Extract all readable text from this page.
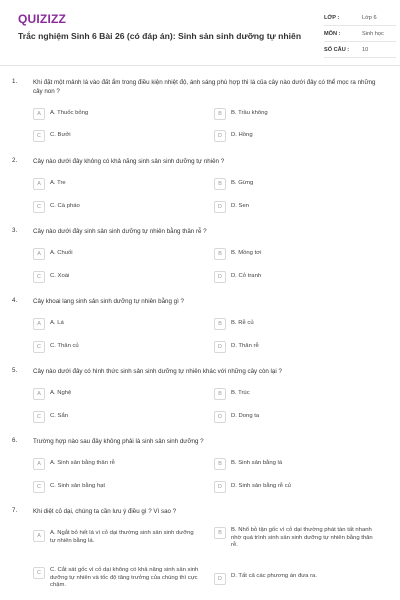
QUIZIZZ
Trắc nghiệm Sinh 6 Bài 26 (có đáp án): Sinh sản sinh dưỡng tự nhiên
LỚP :	Lớp 6
MÔN :	Sinh học
SỐ CÂU : 10
1.	Khi đặt một mảnh lá vào đất ẩm trong điều kiện nhiệt độ, ánh sáng phù hợp thì lá của cây nào dưới đây có thể mọc ra những cây non ?
A	A. Thuốc bỏng	B	B. Trầu không
C	C. Bưởi	D	D. Hồng
2.	Cây nào dưới đây không có khả năng sinh sản sinh dưỡng tự nhiên ?
A	A. Tre	B	B. Gừng
C	C. Cà pháo	D	D. Sen
3.	Cây nào dưới đây sinh sản sinh dưỡng tự nhiên bằng thân rễ ?
A	A. Chuối	B	B. Mồng tơi
C	C. Xoài	D	D. Cỏ tranh
4.	Cây khoai lang sinh sản sinh dưỡng tự nhiên bằng gì ?
A	A. Lá	B	B. Rễ củ
C	C. Thân củ	D	D. Thân rễ
5.	Cây nào dưới đây có hình thức sinh sản sinh dưỡng tự nhiên khác với những cây còn lại ?
A	A. Nghệ	B	B. Trúc
C	C. Sắn	D	D. Dong ta
6.	Trường hợp nào sau đây không phải là sinh sản sinh dưỡng ?
A	A. Sinh sản bằng thân rễ	B	B. Sinh sản bằng lá
C	C. Sinh sản bằng hạt	D	D. Sinh sản bằng rễ củ
7.	Khi diệt cỏ dại, chúng ta cần lưu ý điều gì ? Vì sao ?
A	A. Ngắt bỏ hết lá vì cỏ dại thường sinh sản sinh dưỡng tự nhiên bằng lá.
B	B. Nhổ bỏ tận gốc vì cỏ dại thường phát tán tất nhanh nhờ quá trình sinh sản sinh dưỡng tự nhiên bằng thân rễ.
C	C. Cắt sát gốc vì cỏ dại không có khả năng sinh sản sinh dưỡng tự nhiên và tốc độ tăng trưởng của chúng thì cực chậm.
D	D. Tất cả các phương án đưa ra.
